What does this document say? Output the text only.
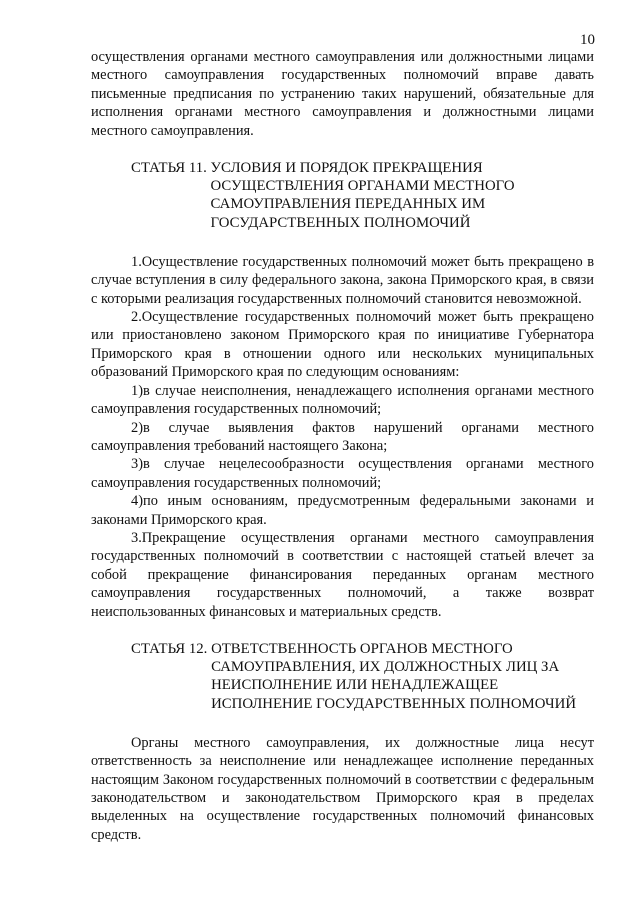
10

осуществления органами местного самоуправления или должностными лицами местного самоуправления государственных полномочий вправе давать письменные предписания по устранению таких нарушений, обязательные для исполнения органами местного самоуправления и должностными лицами местного самоуправления.

СТАТЬЯ 11. УСЛОВИЯ И ПОРЯДОК ПРЕКРАЩЕНИЯ ОСУЩЕСТВЛЕНИЯ ОРГАНАМИ МЕСТНОГО САМОУПРАВЛЕНИЯ ПЕРЕДАННЫХ ИМ ГОСУДАРСТВЕННЫХ ПОЛНОМОЧИЙ

1.Осуществление государственных полномочий может быть прекращено в случае вступления в силу федерального закона, закона Приморского края, в связи с которыми реализация государственных полномочий становится невозможной.

2.Осуществление государственных полномочий может быть прекращено или приостановлено законом Приморского края по инициативе Губернатора Приморского края в отношении одного или нескольких муниципальных образований Приморского края по следующим основаниям:

1)в случае неисполнения, ненадлежащего исполнения органами местного самоуправления государственных полномочий;

2)в случае выявления фактов нарушений органами местного самоуправления требований настоящего Закона;

3)в случае нецелесообразности осуществления органами местного самоуправления государственных полномочий;

4)по иным основаниям, предусмотренным федеральными законами и законами Приморского края.

3.Прекращение осуществления органами местного самоуправления государственных полномочий в соответствии с настоящей статьей влечет за собой прекращение финансирования переданных органам местного самоуправления государственных полномочий, а также возврат неиспользованных финансовых и материальных средств.

СТАТЬЯ 12. ОТВЕТСТВЕННОСТЬ ОРГАНОВ МЕСТНОГО САМОУПРАВЛЕНИЯ, ИХ ДОЛЖНОСТНЫХ ЛИЦ ЗА НЕИСПОЛНЕНИЕ ИЛИ НЕНАДЛЕЖАЩЕЕ ИСПОЛНЕНИЕ ГОСУДАРСТВЕННЫХ ПОЛНОМОЧИЙ

Органы местного самоуправления, их должностные лица несут ответственность за неисполнение или ненадлежащее исполнение переданных настоящим Законом государственных полномочий в соответствии с федеральным законодательством и законодательством Приморского края в пределах выделенных на осуществление государственных полномочий финансовых средств.
